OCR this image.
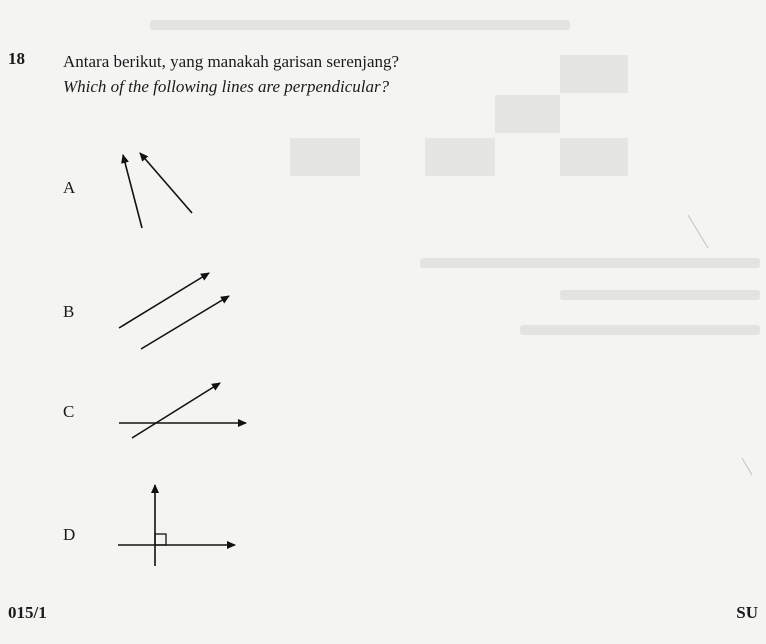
18 Antara berikut, yang manakah garisan serenjang?
Which of the following lines are perpendicular?
A
B
C
D
015/1	SU
